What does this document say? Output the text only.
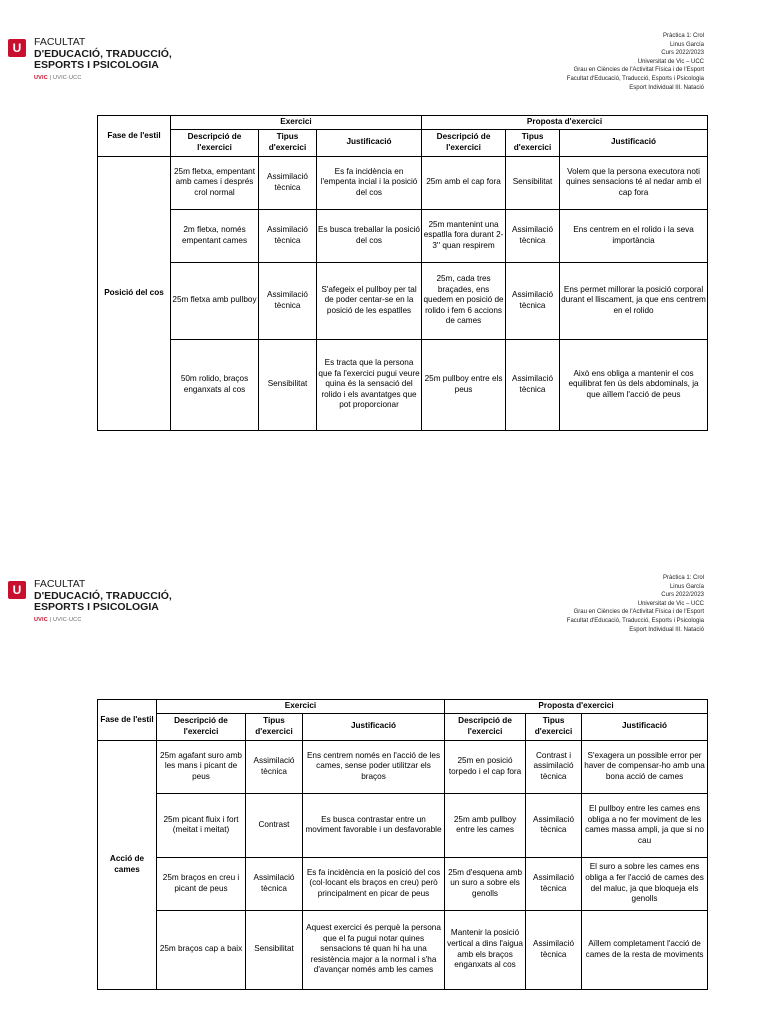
U	FACULTAT
D'EDUCACIÓ, TRADUCCIÓ,
ESPORTS I PSICOLOGIA
UVIC | UVIC·UCC
Pràctica 1: Crol
Linus García
Curs 2022/2023
Universitat de Vic – UCC
Grau en Ciències de l'Activitat Física i de l'Esport
Facultat d'Educació, Traducció, Esports i Psicologia
Esport Individual III. Natació
Fase de l'estil	Exercici			Proposta d'exercici		
	Descripció de l'exercici	Tipus d'exercici	Justificació	Descripció de l'exercici	Tipus d'exercici	Justificació
Posició del cos	25m fletxa, empentant amb cames i després crol normal	Assimilació tècnica	Es fa incidència en l'empenta incial i la posició del cos	25m amb el cap fora	Sensibilitat	Volem que la persona executora noti quines sensacions té al nedar amb el cap fora
	2m fletxa, només empentant cames	Assimilació tècnica	Es busca treballar la posició del cos	25m mantenint una espatlla fora durant 2-3'' quan respirem	Assimilació tècnica	Ens centrem en el rolido i la seva importància
	25m fletxa amb pullboy	Assimilació tècnica	S'afegeix el pullboy per tal de poder centar-se en la posició de les espatlles	25m, cada tres braçades, ens quedem en posició de rolido i fem 6 accions de cames	Assimilació tècnica	Ens permet millorar la posició corporal durant el lliscament, ja que ens centrem en el rolido
	50m rolido, braços enganxats al cos	Sensibilitat	Es tracta que la persona que fa l'exercici pugui veure quina és la sensació del rolido i els avantatges que pot proporcionar	25m pullboy entre els peus	Assimilació tècnica	Això ens obliga a mantenir el cos equilibrat fen ús dels abdominals, ja que aïllem l'acció de peus
U	FACULTAT
D'EDUCACIÓ, TRADUCCIÓ,
ESPORTS I PSICOLOGIA
UVIC | UVIC·UCC
Pràctica 1: Crol
Linus García
Curs 2022/2023
Universitat de Vic – UCC
Grau en Ciències de l'Activitat Física i de l'Esport
Facultat d'Educació, Traducció, Esports i Psicologia
Esport Individual III. Natació
Fase de l'estil	Exercici			Proposta d'exercici		
	Descripció de l'exercici	Tipus d'exercici	Justificació	Descripció de l'exercici	Tipus d'exercici	Justificació
Acció de cames	25m agafant suro amb les mans i picant de peus	Assimilació tècnica	Ens centrem només en l'acció de les cames, sense poder utilitzar els braços	25m en posició torpedo i el cap fora	Contrast i assimilació tècnica	S'exagera un possible error per haver de compensar-ho amb una bona acció de cames
	25m picant fluix i fort (meitat i meitat)	Contrast	Es busca contrastar entre un moviment favorable i un desfavorable	25m amb pullboy entre les cames	Assimilació tècnica	El pullboy entre les cames ens obliga a no fer moviment de les cames massa ampli, ja que si no cau
	25m braços en creu i picant de peus	Assimilació tècnica	Es fa incidència en la posició del cos (col·locant els braços en creu) però principalment en picar de peus	25m d'esquena amb un suro a sobre els genolls	Assimilació tècnica	El suro a sobre les cames ens obliga a fer l'acció de cames des del maluc, ja que bloqueja els genolls
	25m braços cap a baix	Sensibilitat	Aquest exercici és perquè la persona que el fa pugui notar quines sensacions té quan hi ha una resistència major a la normal i s'ha d'avançar només amb les cames	Mantenir la posició vertical a dins l'aigua amb els braços enganxats al cos	Assimilació tècnica	Aïllem completament l'acció de cames de la resta de moviments
